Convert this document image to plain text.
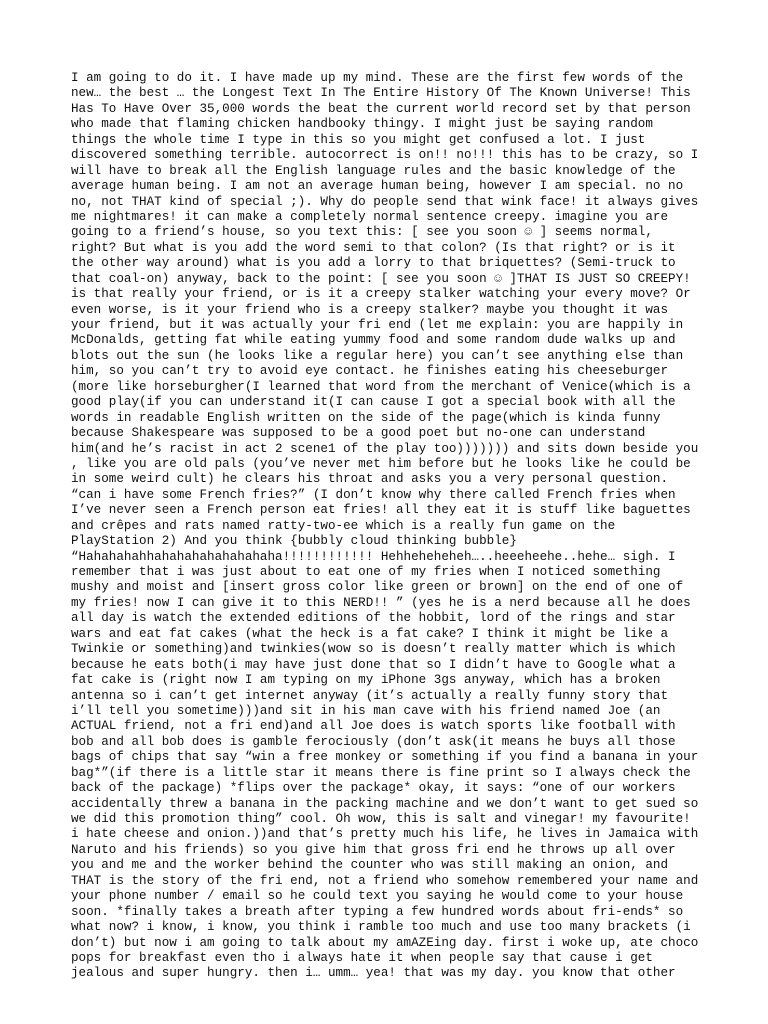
I am going to do it. I have made up my mind. These are the first few words of the
new… the best … the Longest Text In The Entire History Of The Known Universe! This
Has To Have Over 35,000 words the beat the current world record set by that person
who made that flaming chicken handbooky thingy. I might just be saying random
things the whole time I type in this so you might get confused a lot. I just
discovered something terrible. autocorrect is on!! no!!! this has to be crazy, so I
will have to break all the English language rules and the basic knowledge of the
average human being. I am not an average human being, however I am special. no no
no, not THAT kind of special ;). Why do people send that wink face! it always gives
me nightmares! it can make a completely normal sentence creepy. imagine you are
going to a friend’s house, so you text this: [ see you soon ☺ ] seems normal,
right? But what is you add the word semi to that colon? (Is that right? or is it
the other way around) what is you add a lorry to that briquettes? (Semi-truck to
that coal-on) anyway, back to the point: [ see you soon ☺ ]THAT IS JUST SO CREEPY!
is that really your friend, or is it a creepy stalker watching your every move? Or
even worse, is it your friend who is a creepy stalker? maybe you thought it was
your friend, but it was actually your fri end (let me explain: you are happily in
McDonalds, getting fat while eating yummy food and some random dude walks up and
blots out the sun (he looks like a regular here) you can’t see anything else than
him, so you can’t try to avoid eye contact. he finishes eating his cheeseburger
(more like horseburgher(I learned that word from the merchant of Venice(which is a
good play(if you can understand it(I can cause I got a special book with all the
words in readable English written on the side of the page(which is kinda funny
because Shakespeare was supposed to be a good poet but no-one can understand
him(and he’s racist in act 2 scene1 of the play too))))))) and sits down beside you
, like you are old pals (you’ve never met him before but he looks like he could be
in some weird cult) he clears his throat and asks you a very personal question.
“can i have some French fries?” (I don’t know why there called French fries when
I’ve never seen a French person eat fries! all they eat it is stuff like baguettes
and crêpes and rats named ratty-two-ee which is a really fun game on the
PlayStation 2) And you think {bubbly cloud thinking bubble}
“Hahahahahhahahahahahahahaha!!!!!!!!!!!! Hehheheheheh…..heeeheehe..hehe… sigh. I
remember that i was just about to eat one of my fries when I noticed something
mushy and moist and [insert gross color like green or brown] on the end of one of
my fries! now I can give it to this NERD!! ” (yes he is a nerd because all he does
all day is watch the extended editions of the hobbit, lord of the rings and star
wars and eat fat cakes (what the heck is a fat cake? I think it might be like a
Twinkie or something)and twinkies(wow so is doesn’t really matter which is which
because he eats both(i may have just done that so I didn’t have to Google what a
fat cake is (right now I am typing on my iPhone 3gs anyway, which has a broken
antenna so i can’t get internet anyway (it’s actually a really funny story that
i’ll tell you sometime)))and sit in his man cave with his friend named Joe (an
ACTUAL friend, not a fri end)and all Joe does is watch sports like football with
bob and all bob does is gamble ferociously (don’t ask(it means he buys all those
bags of chips that say “win a free monkey or something if you find a banana in your
bag*”(if there is a little star it means there is fine print so I always check the
back of the package) *flips over the package* okay, it says: “one of our workers
accidentally threw a banana in the packing machine and we don’t want to get sued so
we did this promotion thing” cool. Oh wow, this is salt and vinegar! my favourite!
i hate cheese and onion.))and that’s pretty much his life, he lives in Jamaica with
Naruto and his friends) so you give him that gross fri end he throws up all over
you and me and the worker behind the counter who was still making an onion, and
THAT is the story of the fri end, not a friend who somehow remembered your name and
your phone number / email so he could text you saying he would come to your house
soon. *finally takes a breath after typing a few hundred words about fri-ends* so
what now? i know, i know, you think i ramble too much and use too many brackets (i
don’t) but now i am going to talk about my amAZEing day. first i woke up, ate choco
pops for breakfast even tho i always hate it when people say that cause i get
jealous and super hungry. then i… umm… yea! that was my day. you know that other
